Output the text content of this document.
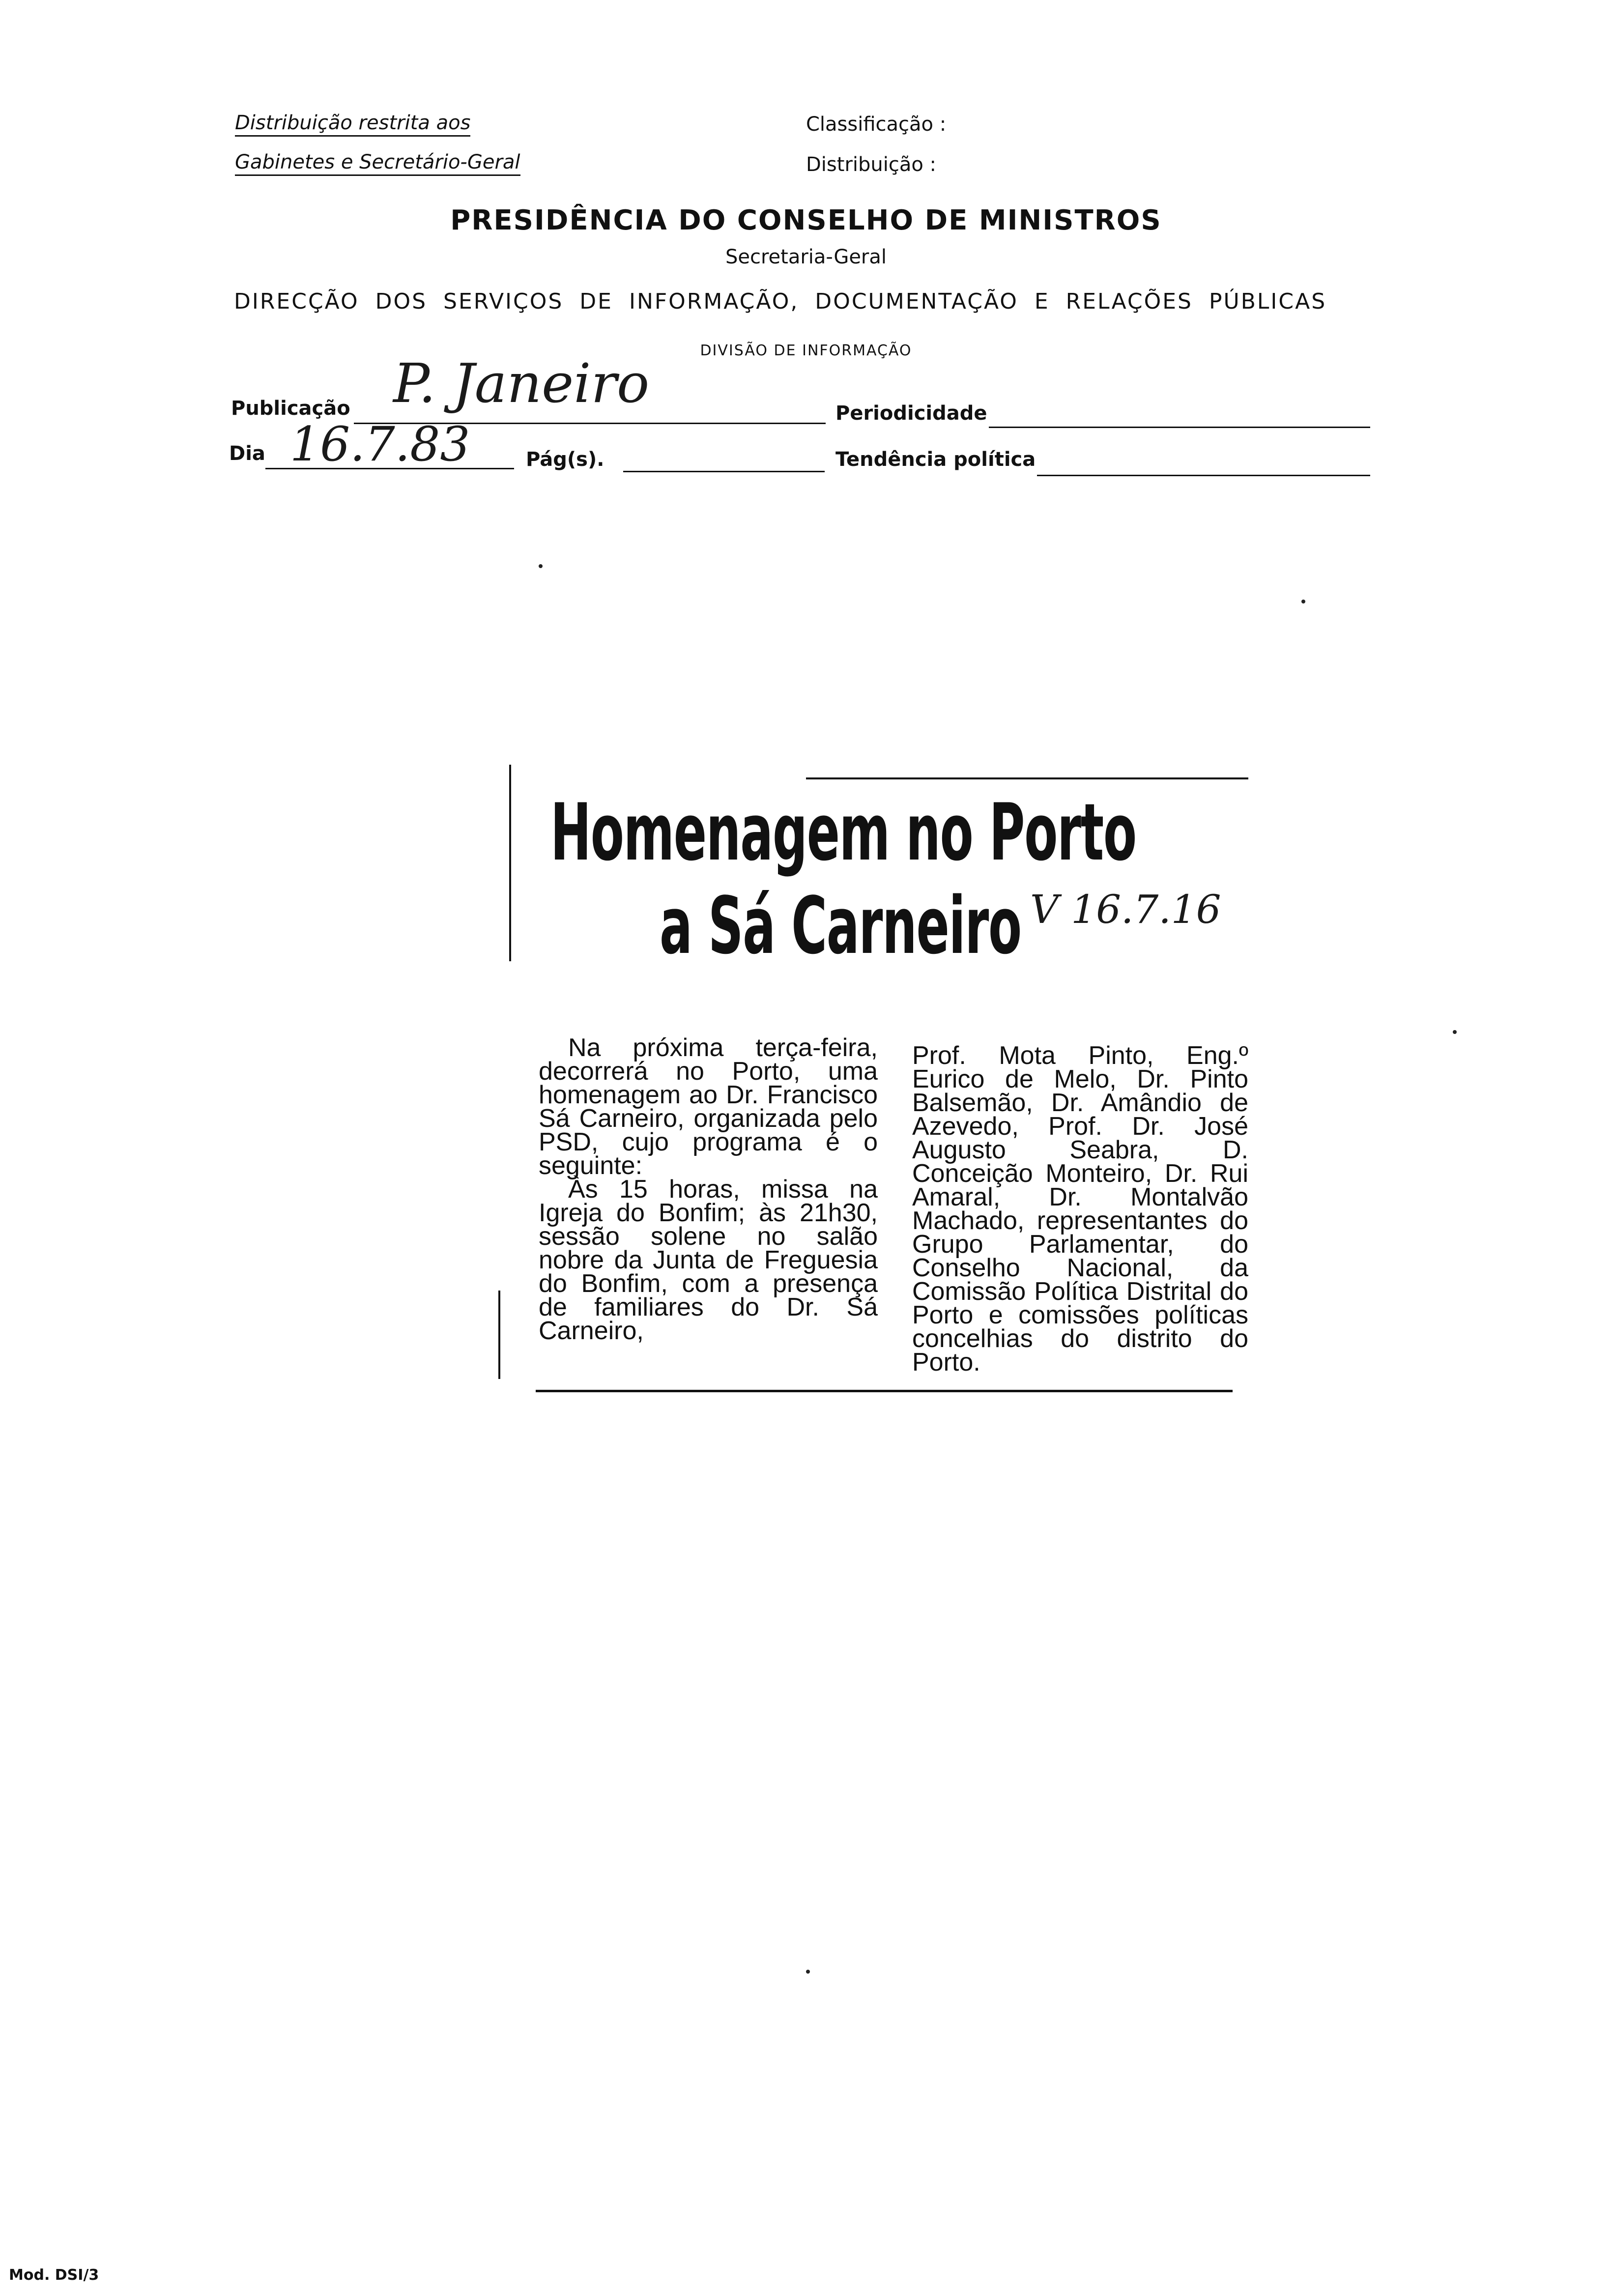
Distribuição restrita aos
Gabinetes e Secretário-Geral
Classificação :
Distribuição :
PRESIDÊNCIA DO CONSELHO DE MINISTROS
Secretaria-Geral
DIRECÇÃO DOS SERVIÇOS DE INFORMAÇÃO, DOCUMENTAÇÃO E RELAÇÕES PÚBLICAS
DIVISÃO DE INFORMAÇÃO
Publicação P. Janeiro	Periodicidade
Dia 16.7.83	Pág(s).	Tendência política
Homenagem no Porto
a Sá Carneiro V 16.7.16
Na próxima terça-feira, decorrerá no Porto, uma homenagem ao Dr. Francisco Sá Carneiro, organizada pelo PSD, cujo programa é o seguinte:
Às 15 horas, missa na Igreja do Bonfim; às 21h30, sessão solene no salão nobre da Junta de Freguesia do Bonfim, com a presença de familiares do Dr. Sá Carneiro,
Prof. Mota Pinto, Eng.º Eurico de Melo, Dr. Pinto Balsemão, Dr. Amândio de Azevedo, Prof. Dr. José Augusto Seabra, D. Conceição Monteiro, Dr. Rui Amaral, Dr. Montalvão Machado, representantes do Grupo Parlamentar, do Conselho Nacional, da Comissão Política Distrital do Porto e comissões políticas concelhias do distrito do Porto.
Mod. DSI/3
